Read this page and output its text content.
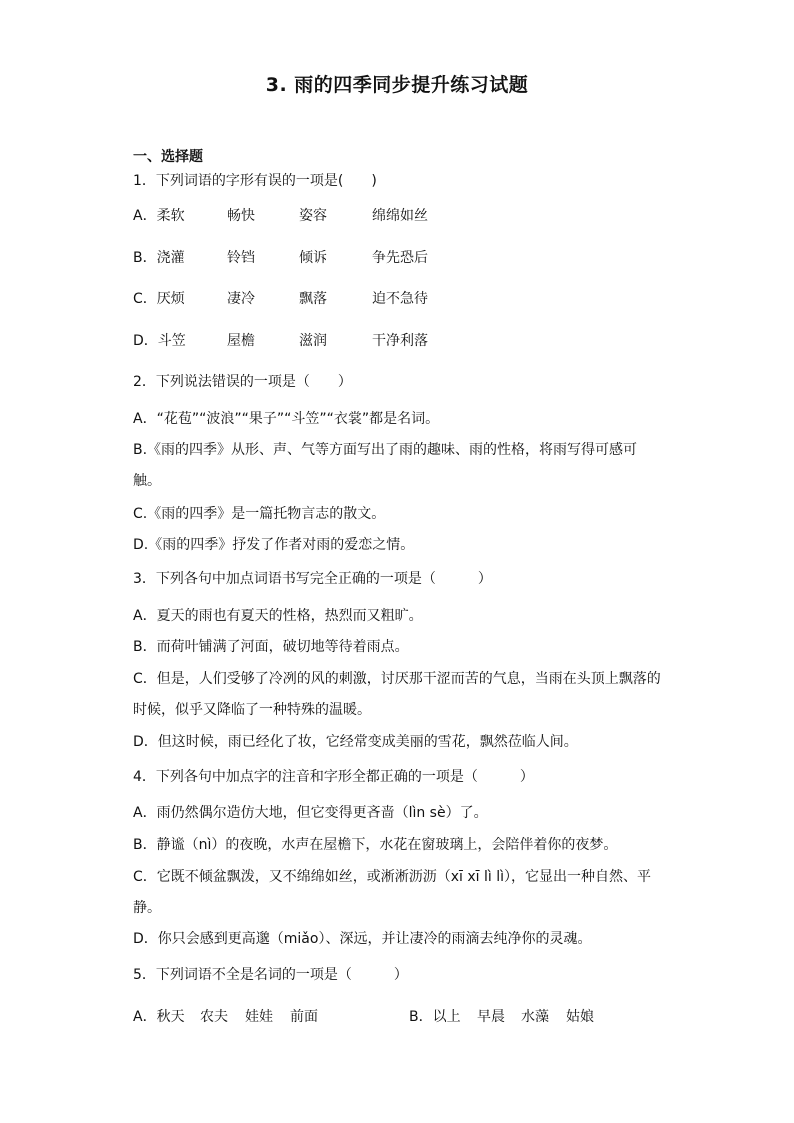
3. 雨的四季同步提升练习试题
一、选择题
1．下列词语的字形有误的一项是(　　)
A．柔软	畅快	姿容	绵绵如丝
B．浇灌	铃铛	倾诉	争先恐后
C．厌烦	凄冷	飘落	迫不急待
D．斗笠	屋檐	滋润	干净利落
2．下列说法错误的一项是（　　）
A．“花苞”“波浪”“果子”“斗笠”“衣裳”都是名词。
B.《雨的四季》从形、声、气等方面写出了雨的趣味、雨的性格，将雨写得可感可
触。
C.《雨的四季》是一篇托物言志的散文。
D.《雨的四季》抒发了作者对雨的爱恋之情。
3．下列各句中加点词语书写完全正确的一项是（　　　）
A．夏天的雨也有夏天的性格，热烈而又粗旷。
B．而荷叶铺满了河面，破切地等待着雨点。
C．但是，人们受够了冷冽的风的刺激，讨厌那干涩而苦的气息，当雨在头顶上飘落的
时候，似乎又降临了一种特殊的温暖。
D．但这时候，雨已经化了妆，它经常变成美丽的雪花，飘然莅临人间。
4．下列各句中加点字的注音和字形全都正确的一项是（　　　）
A．雨仍然偶尔造仿大地，但它变得更吝啬（lìn sè）了。
B．静谧（nì）的夜晚，水声在屋檐下，水花在窗玻璃上，会陪伴着你的夜梦。
C．它既不倾盆飘泼，又不绵绵如丝，或淅淅沥沥（xī xī lì lì），它显出一种自然、平
静。
D．你只会感到更高邈（miǎo）、深远，并让凄冷的雨滴去纯净你的灵魂。
5．下列词语不全是名词的一项是（　　　）
A．秋天 农夫 娃娃 前面	B．以上 早晨 水藻 姑娘
